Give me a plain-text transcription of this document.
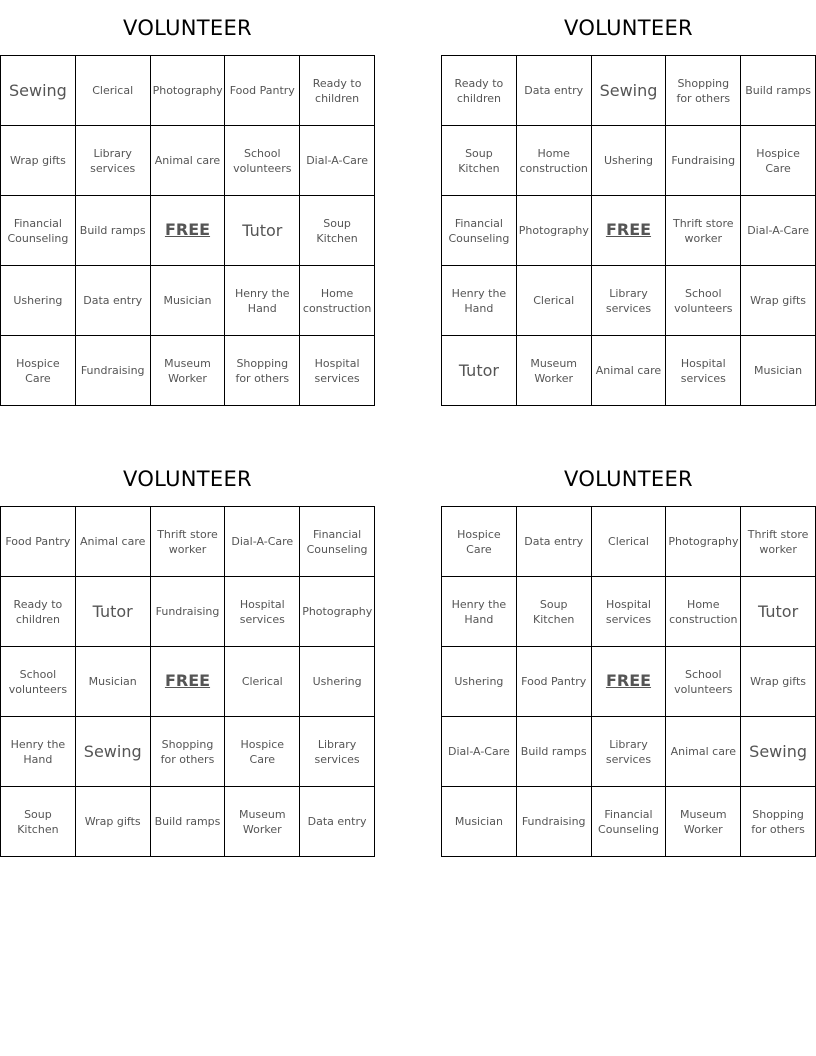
VOLUNTEER
Sewing	Clerical	Photography	Food Pantry	Ready to children
Wrap gifts	Library services	Animal care	School volunteers	Dial-A-Care
Financial Counseling	Build ramps	FREE	Tutor	Soup Kitchen
Ushering	Data entry	Musician	Henry the Hand	Home construction
Hospice Care	Fundraising	Museum Worker	Shopping for others	Hospital services
VOLUNTEER
Ready to children	Data entry	Sewing	Shopping for others	Build ramps
Soup Kitchen	Home construction	Ushering	Fundraising	Hospice Care
Financial Counseling	Photography	FREE	Thrift store worker	Dial-A-Care
Henry the Hand	Clerical	Library services	School volunteers	Wrap gifts
Tutor	Museum Worker	Animal care	Hospital services	Musician
VOLUNTEER
Food Pantry	Animal care	Thrift store worker	Dial-A-Care	Financial Counseling
Ready to children	Tutor	Fundraising	Hospital services	Photography
School volunteers	Musician	FREE	Clerical	Ushering
Henry the Hand	Sewing	Shopping for others	Hospice Care	Library services
Soup Kitchen	Wrap gifts	Build ramps	Museum Worker	Data entry
VOLUNTEER
Hospice Care	Data entry	Clerical	Photography	Thrift store worker
Henry the Hand	Soup Kitchen	Hospital services	Home construction	Tutor
Ushering	Food Pantry	FREE	School volunteers	Wrap gifts
Dial-A-Care	Build ramps	Library services	Animal care	Sewing
Musician	Fundraising	Financial Counseling	Museum Worker	Shopping for others
